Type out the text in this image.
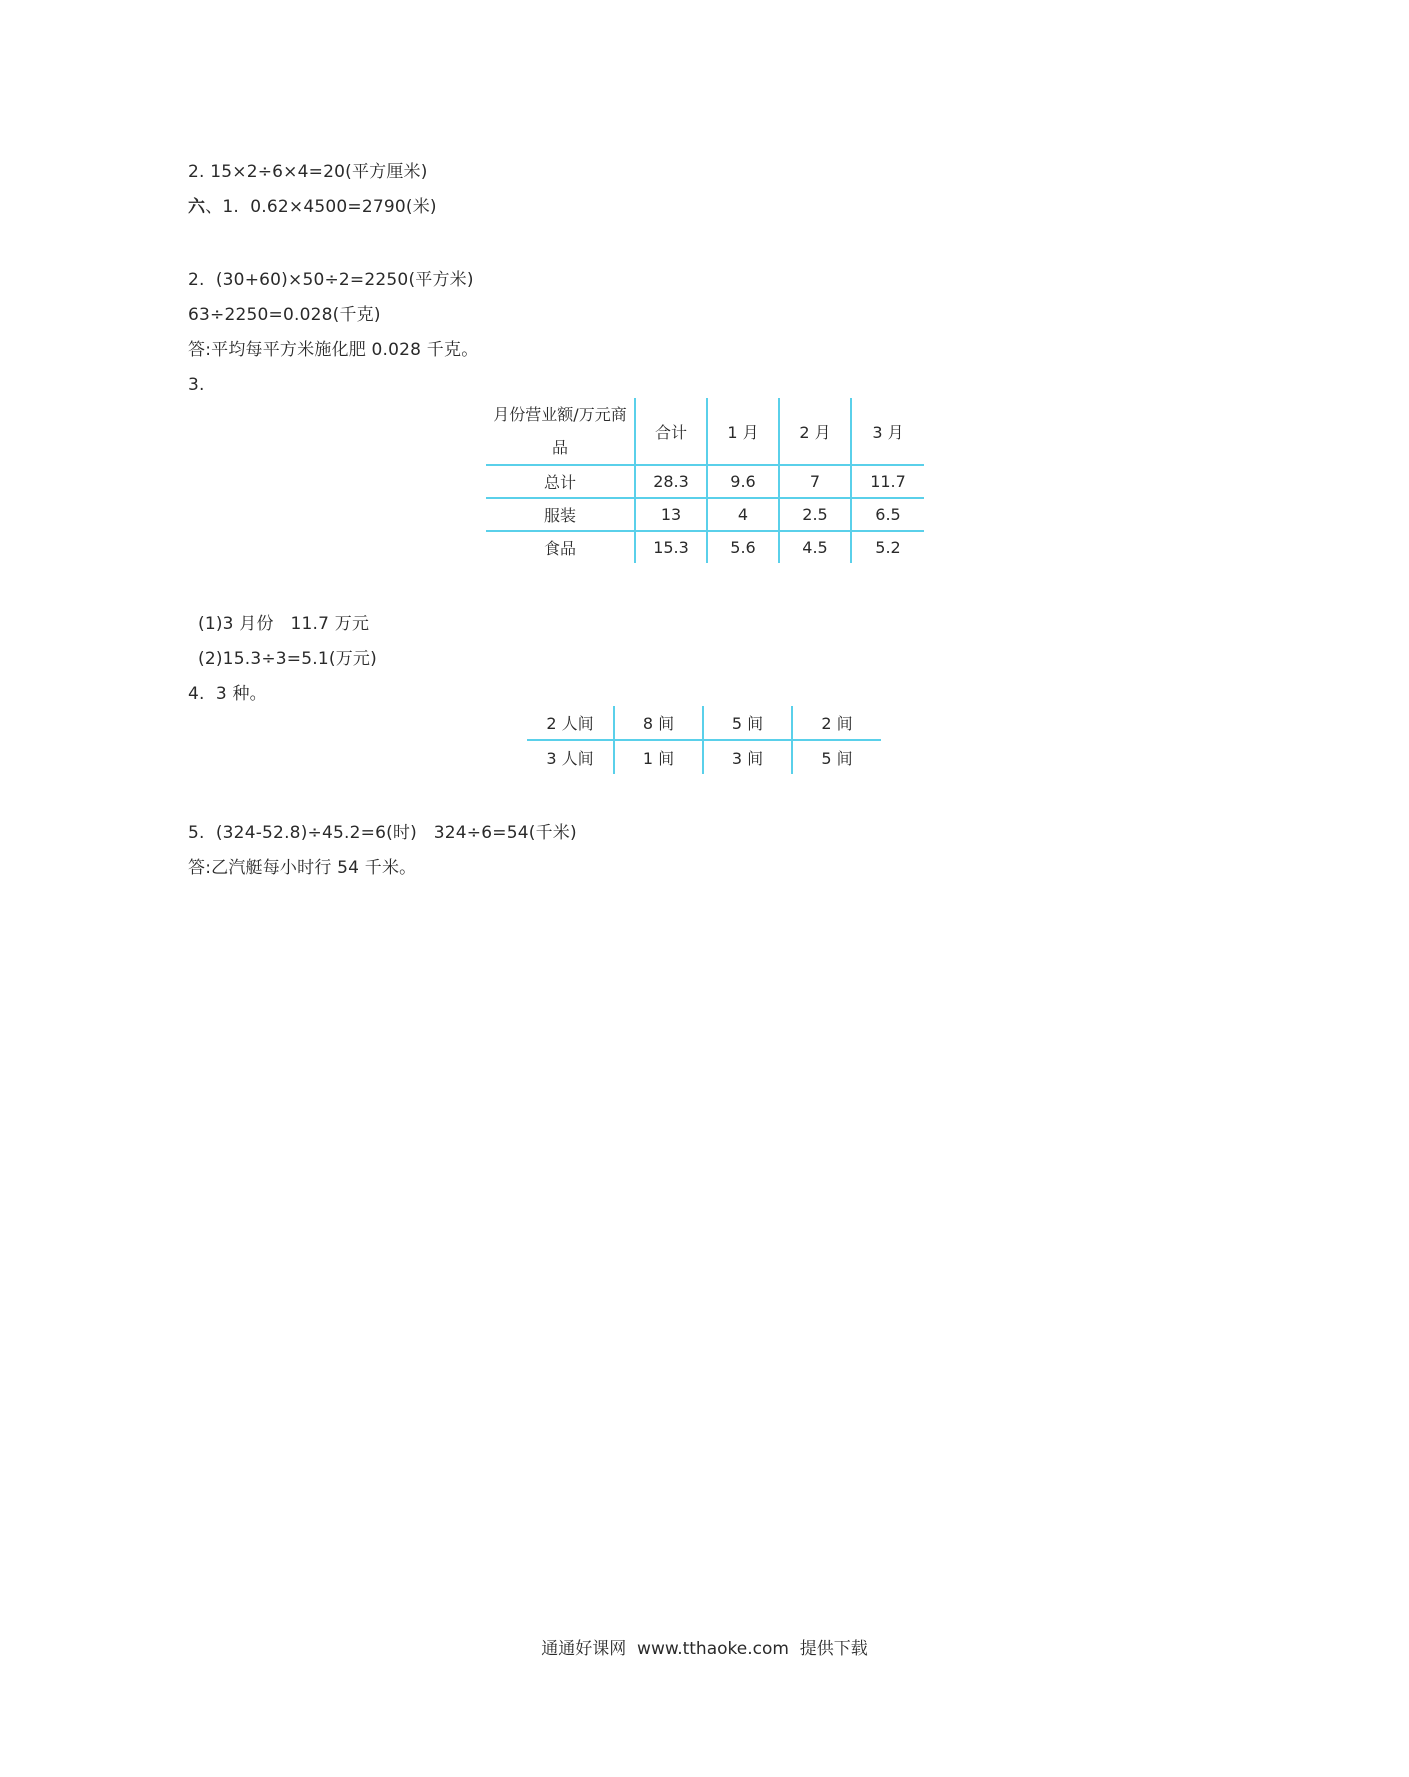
2. 15×2÷6×4=20(平方厘米)
六、1.  0.62×4500=2790(米)
2.  (30+60)×50÷2=2250(平方米)
63÷2250=0.028(千克)
答:平均每平方米施化肥 0.028 千克。
3.
月份营业额/万元商
品	合计	1 月	2 月	3 月
总计	28.3	9.6	7	11.7
服装	13	4	2.5	6.5
食品	15.3	5.6	4.5	5.2
(1)3 月份   11.7 万元
(2)15.3÷3=5.1(万元)
4.  3 种。
2 人间	8 间	5 间	2 间
3 人间	1 间	3 间	5 间
5.  (324-52.8)÷45.2=6(时)   324÷6=54(千米)
答:乙汽艇每小时行 54 千米。
通通好课网  www.tthaoke.com  提供下载
